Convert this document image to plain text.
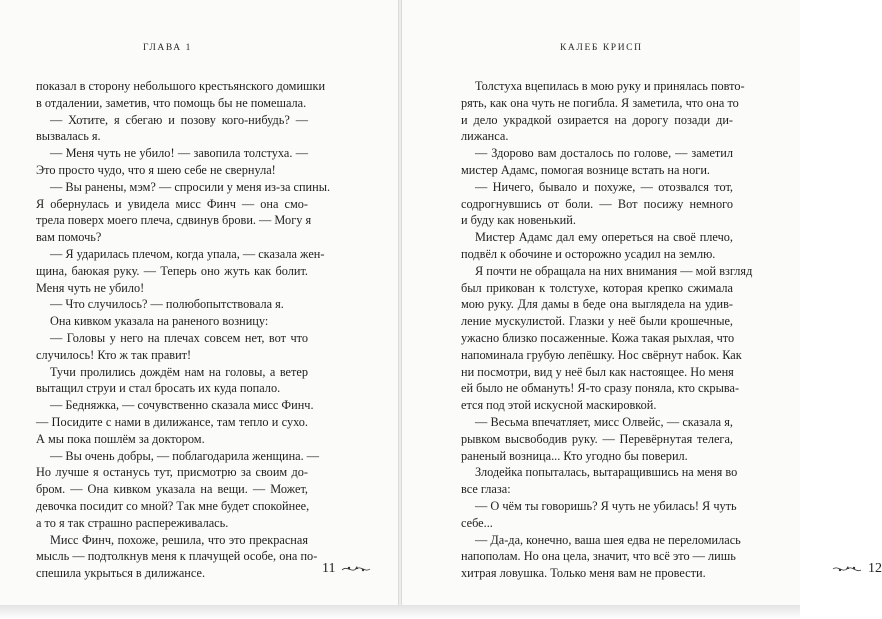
ГЛАВА 1
показал в сторону небольшого крестьянского домишки
в отдалении, заметив, что помощь бы не помешала.
— Хотите, я сбегаю и позову кого-нибудь? —
вызвалась я.
— Меня чуть не убило! — завопила толстуха. —
Это просто чудо, что я шею себе не свернула!
— Вы ранены, мэм? — спросили у меня из-за спины.
Я обернулась и увидела мисс Финч — она смо-
трела поверх моего плеча, сдвинув брови. — Могу я
вам помочь?
— Я ударилась плечом, когда упала, — сказала жен-
щина, баюкая руку. — Теперь оно жуть как болит.
Меня чуть не убило!
— Что случилось? — полюбопытствовала я.
Она кивком указала на раненого возницу:
— Головы у него на плечах совсем нет, вот что
случилось! Кто ж так правит!
Тучи пролились дождём нам на головы, а ветер
вытащил струи и стал бросать их куда попало.
— Бедняжка, — сочувственно сказала мисс Финч.
— Посидите с нами в дилижансе, там тепло и сухо.
А мы пока пошлём за доктором.
— Вы очень добры, — поблагодарила женщина. —
Но лучше я останусь тут, присмотрю за своим до-
бром. — Она кивком указала на вещи. — Может,
девочка посидит со мной? Так мне будет спокойнее,
а то я так страшно распереживалась.
Мисс Финч, похоже, решила, что это прекрасная
мысль — подтолкнув меня к плачущей особе, она по-
спешила укрыться в дилижансе.	11
КАЛЕБ КРИСП
Толстуха вцепилась в мою руку и принялась повто-
рять, как она чуть не погибла. Я заметила, что она то
и дело украдкой озирается на дорогу позади ди-
лижанса.
— Здорово вам досталось по голове, — заметил
мистер Адамс, помогая вознице встать на ноги.
— Ничего, бывало и похуже, — отозвался тот,
содрогнувшись от боли. — Вот посижу немного
и буду как новенький.
Мистер Адамс дал ему опереться на своё плечо,
подвёл к обочине и осторожно усадил на землю.
Я почти не обращала на них внимания — мой взгляд
был прикован к толстухе, которая крепко сжимала
мою руку. Для дамы в беде она выглядела на удив-
ление мускулистой. Глазки у неё были крошечные,
ужасно близко посаженные. Кожа такая рыхлая, что
напоминала грубую лепёшку. Нос свёрнут набок. Как
ни посмотри, вид у неё был как настоящее. Но меня
ей было не обмануть! Я-то сразу поняла, кто скрыва-
ется под этой искусной маскировкой.
— Весьма впечатляет, мисс Олвейс, — сказала я,
рывком высвободив руку. — Перевёрнутая телега,
раненый возница... Кто угодно бы поверил.
Злодейка попыталась, вытаращившись на меня во
все глаза:
— О чём ты говоришь? Я чуть не убилась! Я чуть
себе...
— Да-да, конечно, ваша шея едва не переломилась
напополам. Но она цела, значит, что всё это — лишь
хитрая ловушка. Только меня вам не провести.	12
